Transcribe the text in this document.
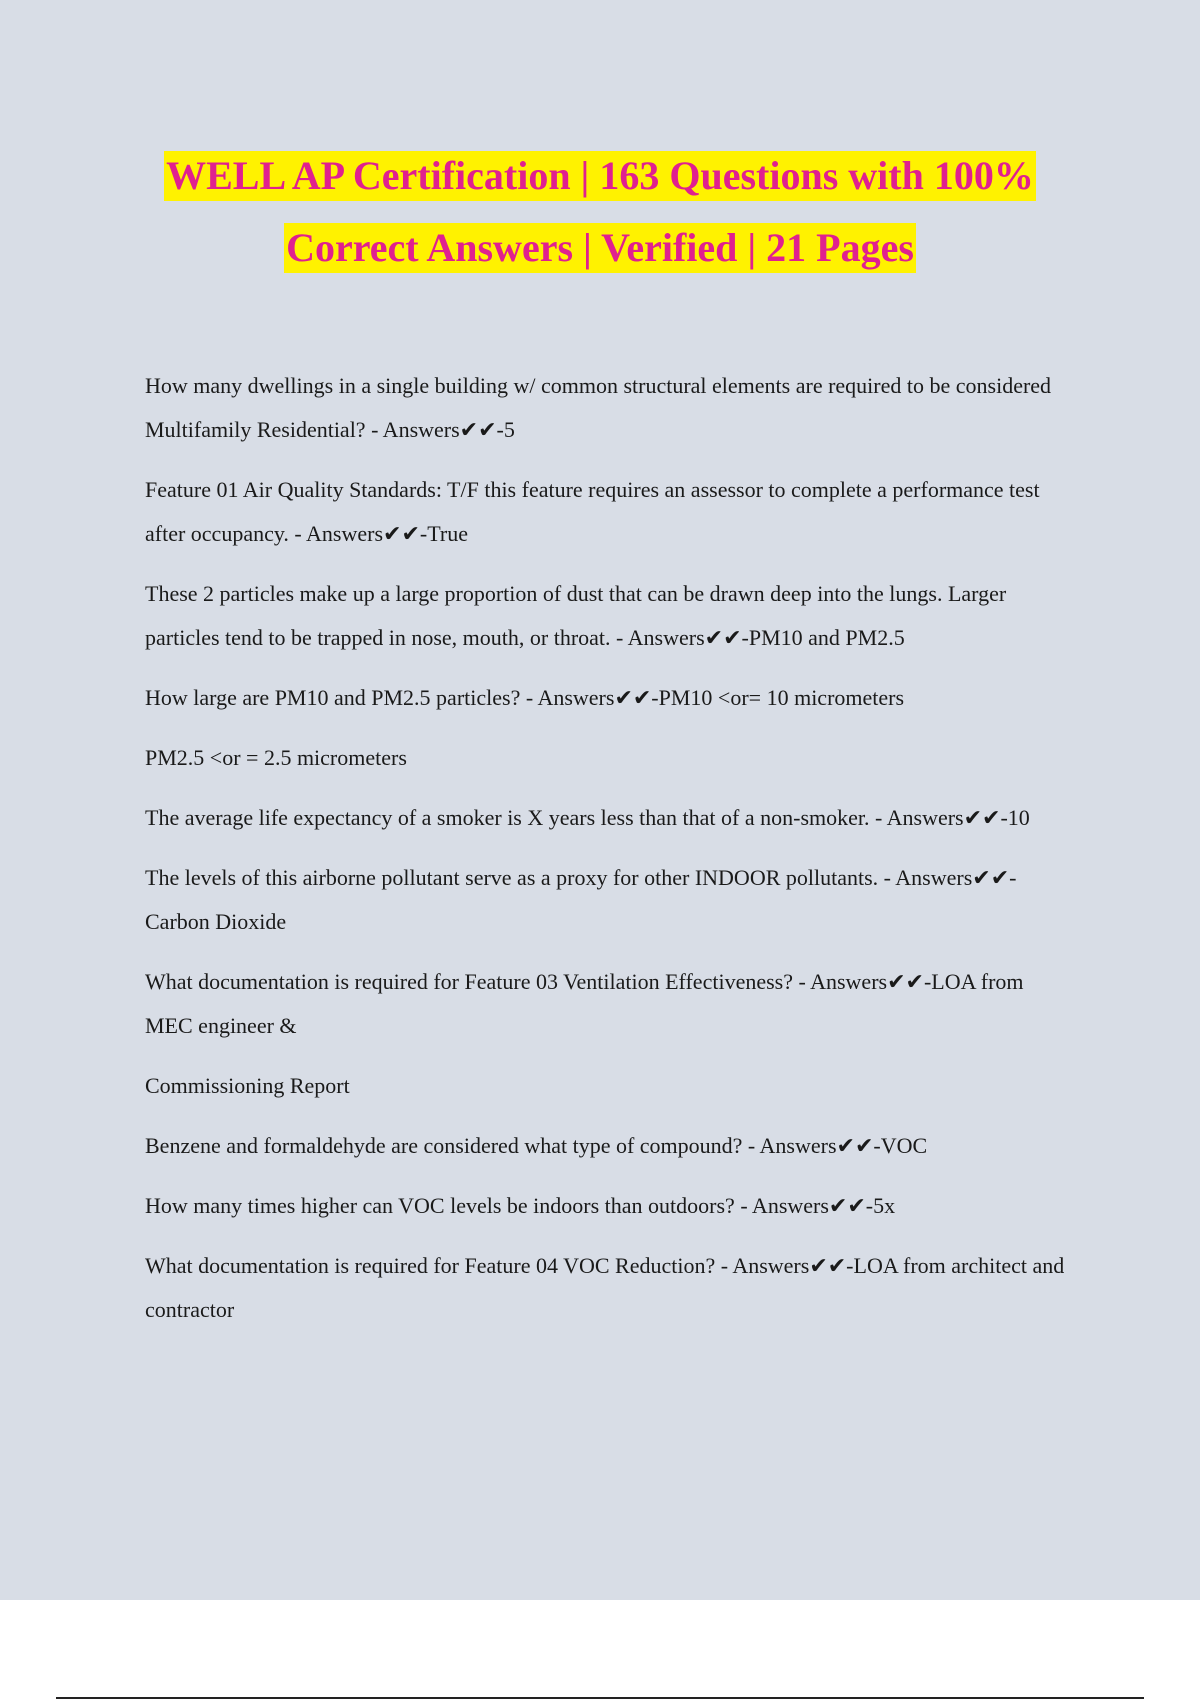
WELL AP Certification | 163 Questions with 100%
Correct Answers | Verified | 21 Pages

How many dwellings in a single building w/ common structural elements are required to be considered Multifamily Residential? - Answers✔✔-5

Feature 01 Air Quality Standards: T/F this feature requires an assessor to complete a performance test after occupancy. - Answers✔✔-True

These 2 particles make up a large proportion of dust that can be drawn deep into the lungs. Larger particles tend to be trapped in nose, mouth, or throat. - Answers✔✔-PM10 and PM2.5

How large are PM10 and PM2.5 particles? - Answers✔✔-PM10 <or= 10 micrometers

PM2.5 <or = 2.5 micrometers

The average life expectancy of a smoker is X years less than that of a non-smoker. - Answers✔✔-10

The levels of this airborne pollutant serve as a proxy for other INDOOR pollutants. - Answers✔✔-Carbon Dioxide

What documentation is required for Feature 03 Ventilation Effectiveness? - Answers✔✔-LOA from MEC engineer &

Commissioning Report

Benzene and formaldehyde are considered what type of compound? - Answers✔✔-VOC

How many times higher can VOC levels be indoors than outdoors? - Answers✔✔-5x

What documentation is required for Feature 04 VOC Reduction? - Answers✔✔-LOA from architect and contractor
